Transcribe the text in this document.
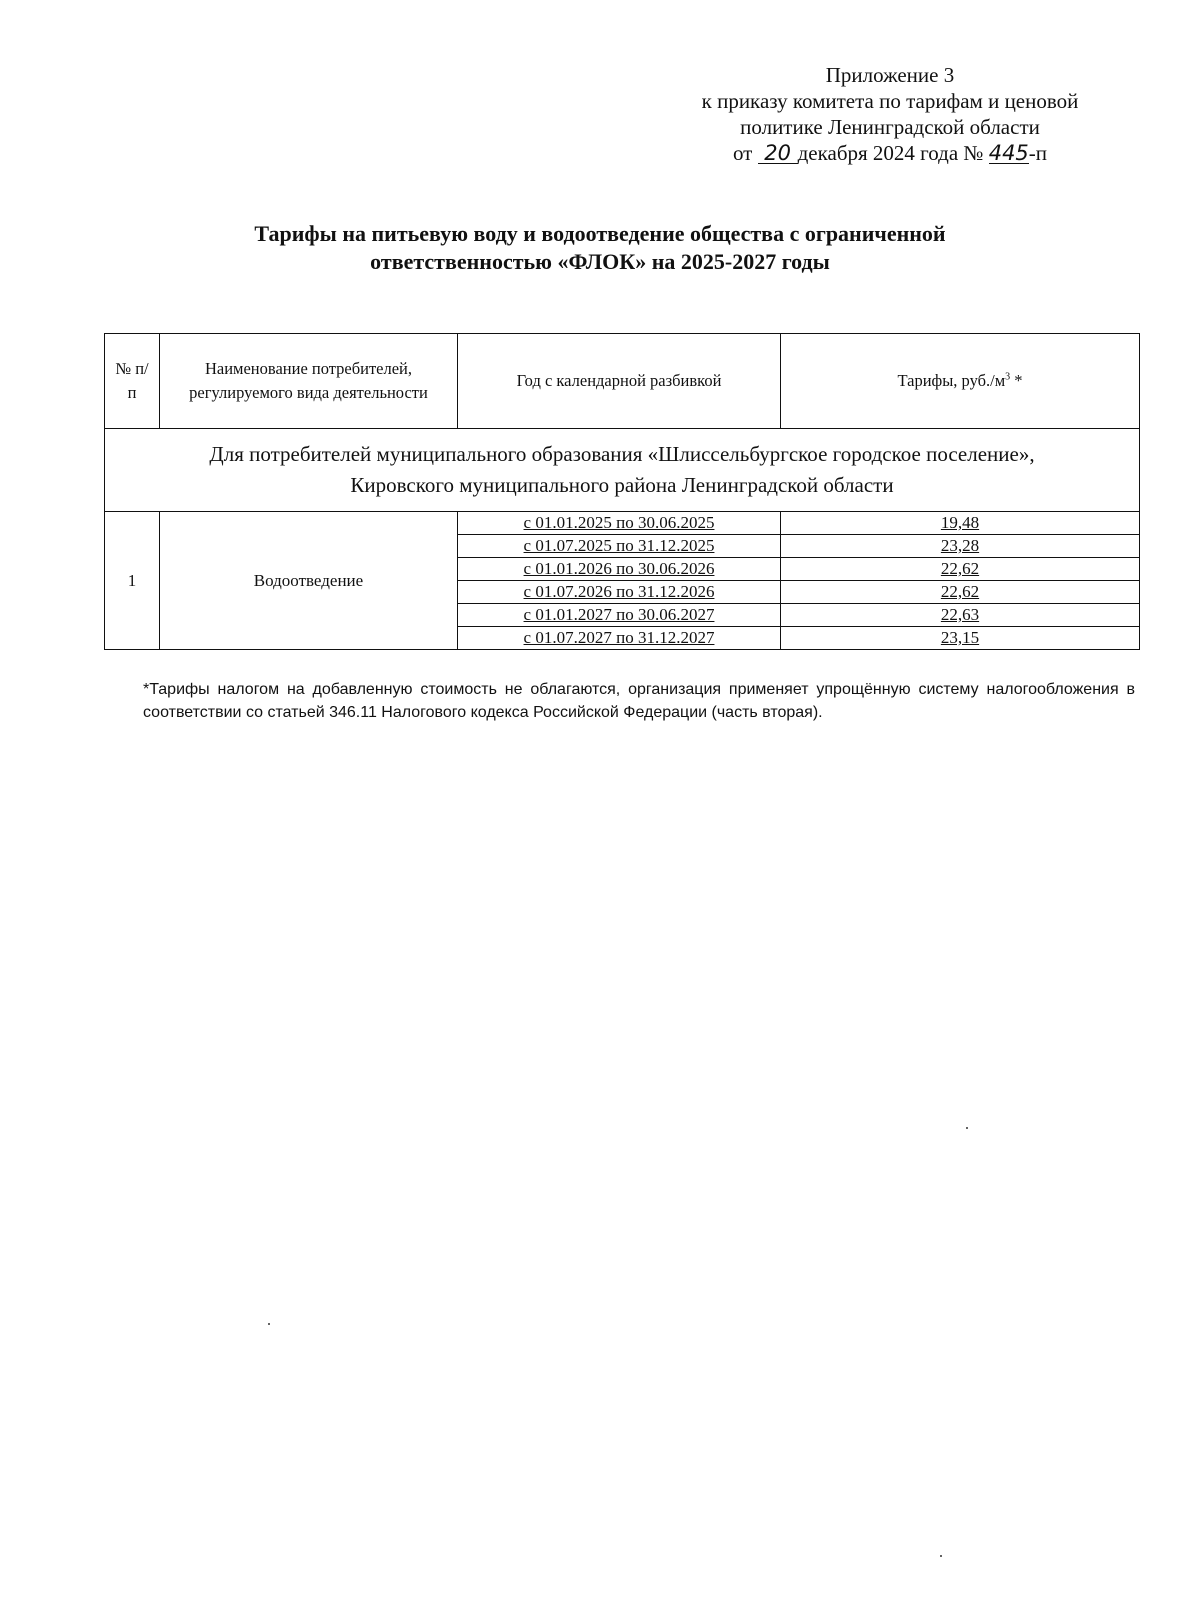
Приложение 3
к приказу комитета по тарифам и ценовой
политике Ленинградской области
от 20 декабря 2024 года № 445-п
Тарифы на питьевую воду и водоотведение общества с ограниченной
ответственностью «ФЛОК» на 2025-2027 годы
№ п/п	Наименование потребителей, регулируемого вида деятельности	Год с календарной разбивкой	Тарифы, $руб./м^3$ *

Для потребителей муниципального образования «Шлиссельбургское городское поселение»,
Кировского муниципального района Ленинградской области			

1	Водоотведение	с 01.01.2025 по 30.06.2025	19,48
		с 01.07.2025 по 31.12.2025	23,28
		с 01.01.2026 по 30.06.2026	22,62
		с 01.07.2026 по 31.12.2026	22,62
		с 01.01.2027 по 30.06.2027	22,63
		с 01.07.2027 по 31.12.2027	23,15
*Тарифы налогом на добавленную стоимость не облагаются, организация применяет упрощённую систему налогообложения в соответствии со статьей 346.11 Налогового кодекса Российской Федерации (часть вторая).
